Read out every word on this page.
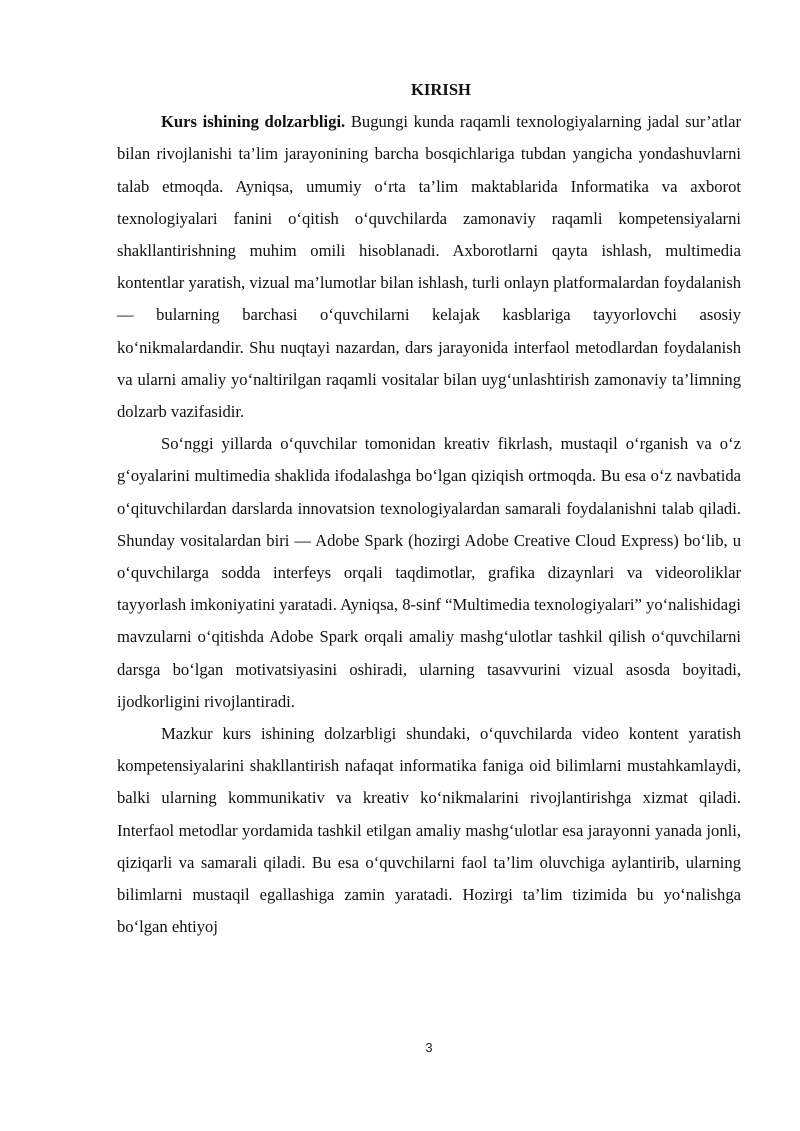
KIRISH

Kurs ishining dolzarbligi. Bugungi kunda raqamli texnologiyalarning jadal sur’atlar bilan rivojlanishi ta’lim jarayonining barcha bosqichlariga tubdan yangicha yondashuvlarni talab etmoqda. Ayniqsa, umumiy o‘rta ta’lim maktablarida Informatika va axborot texnologiyalari fanini o‘qitish o‘quvchilarda zamonaviy raqamli kompetensiyalarni shakllantirishning muhim omili hisoblanadi. Axborotlarni qayta ishlash, multimedia kontentlar yaratish, vizual ma’lumotlar bilan ishlash, turli onlayn platformalardan foydalanish — bularning barchasi o‘quvchilarni kelajak kasblariga tayyorlovchi asosiy ko‘nikmalardandir. Shu nuqtayi nazardan, dars jarayonida interfaol metodlardan foydalanish va ularni amaliy yo‘naltirilgan raqamli vositalar bilan uyg‘unlashtirish zamonaviy ta’limning dolzarb vazifasidir.

So‘nggi yillarda o‘quvchilar tomonidan kreativ fikrlash, mustaqil o‘rganish va o‘z g‘oyalarini multimedia shaklida ifodalashga bo‘lgan qiziqish ortmoqda. Bu esa o‘z navbatida o‘qituvchilardan darslarda innovatsion texnologiyalardan samarali foydalanishni talab qiladi. Shunday vositalardan biri — Adobe Spark (hozirgi Adobe Creative Cloud Express) bo‘lib, u o‘quvchilarga sodda interfeys orqali taqdimotlar, grafika dizaynlari va videoroliklar tayyorlash imkoniyatini yaratadi. Ayniqsa, 8-sinf “Multimedia texnologiyalari” yo‘nalishidagi mavzularni o‘qitishda Adobe Spark orqali amaliy mashg‘ulotlar tashkil qilish o‘quvchilarni darsga bo‘lgan motivatsiyasini oshiradi, ularning tasavvurini vizual asosda boyitadi, ijodkorligini rivojlantiradi.

Mazkur kurs ishining dolzarbligi shundaki, o‘quvchilarda video kontent yaratish kompetensiyalarini shakllantirish nafaqat informatika faniga oid bilimlarni mustahkamlaydi, balki ularning kommunikativ va kreativ ko‘nikmalarini rivojlantirishga xizmat qiladi. Interfaol metodlar yordamida tashkil etilgan amaliy mashg‘ulotlar esa jarayonni yanada jonli, qiziqarli va samarali qiladi. Bu esa o‘quvchilarni faol ta’lim oluvchiga aylantirib, ularning bilimlarni mustaqil egallashiga zamin yaratadi. Hozirgi ta’lim tizimida bu yo‘nalishga bo‘lgan ehtiyoj

3
